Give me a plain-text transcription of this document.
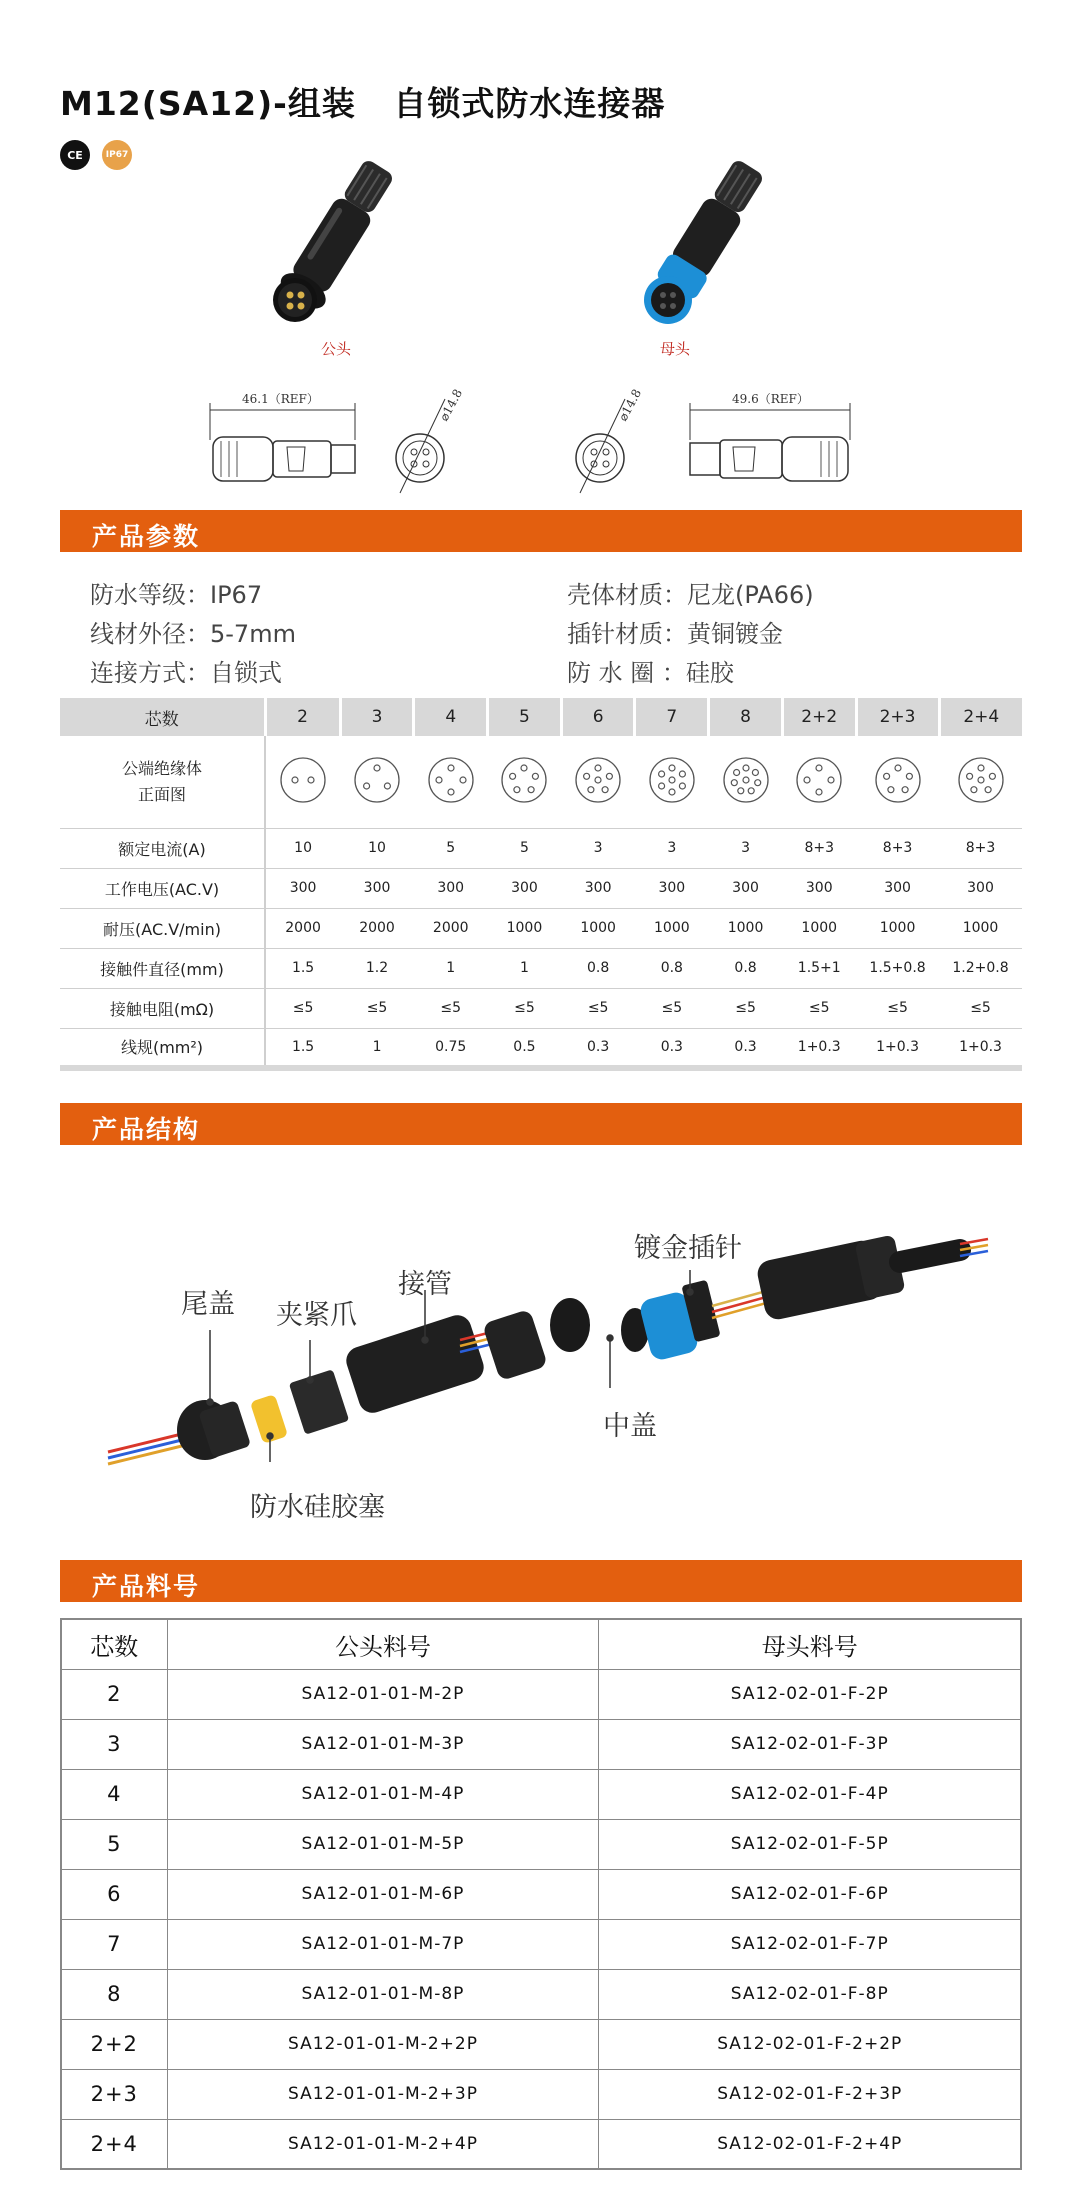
M12(SA12)-组装   自锁式防水连接器
CE	IP67
公头	母头
46.1（REF）	⌀14.8	⌀14.8	49.6（REF）
产品参数
防水等级：IP67
线材外径：5-7mm
连接方式：自锁式
壳体材质：尼龙(PA66)
插针材质：黄铜镀金
防 水 圈 ：硅胶
芯数	2	3	4	5	6	7	8	2+2	2+3	2+4
公端绝缘体
正面图										
额定电流(A)	10	10	5	5	3	3	3	8+3	8+3	8+3
工作电压(AC.V)	300	300	300	300	300	300	300	300	300	300
耐压(AC.V/min)	2000	2000	2000	1000	1000	1000	1000	1000	1000	1000
接触件直径(mm)	1.5	1.2	1	1	0.8	0.8	0.8	1.5+1	1.5+0.8	1.2+0.8
接触电阻(mΩ)	≤5	≤5	≤5	≤5	≤5	≤5	≤5	≤5	≤5	≤5
线规(mm²)	1.5	1	0.75	0.5	0.3	0.3	0.3	1+0.3	1+0.3	1+0.3
产品结构
尾盖 夹紧爪
接管
镀金插针
中盖
防水硅胶塞
产品料号
芯数	公头料号	母头料号
2	SA12-01-01-M-2P	SA12-02-01-F-2P
3	SA12-01-01-M-3P	SA12-02-01-F-3P
4	SA12-01-01-M-4P	SA12-02-01-F-4P
5	SA12-01-01-M-5P	SA12-02-01-F-5P
6	SA12-01-01-M-6P	SA12-02-01-F-6P
7	SA12-01-01-M-7P	SA12-02-01-F-7P
8	SA12-01-01-M-8P	SA12-02-01-F-8P
2+2	SA12-01-01-M-2+2P	SA12-02-01-F-2+2P
2+3	SA12-01-01-M-2+3P	SA12-02-01-F-2+3P
2+4	SA12-01-01-M-2+4P	SA12-02-01-F-2+4P
